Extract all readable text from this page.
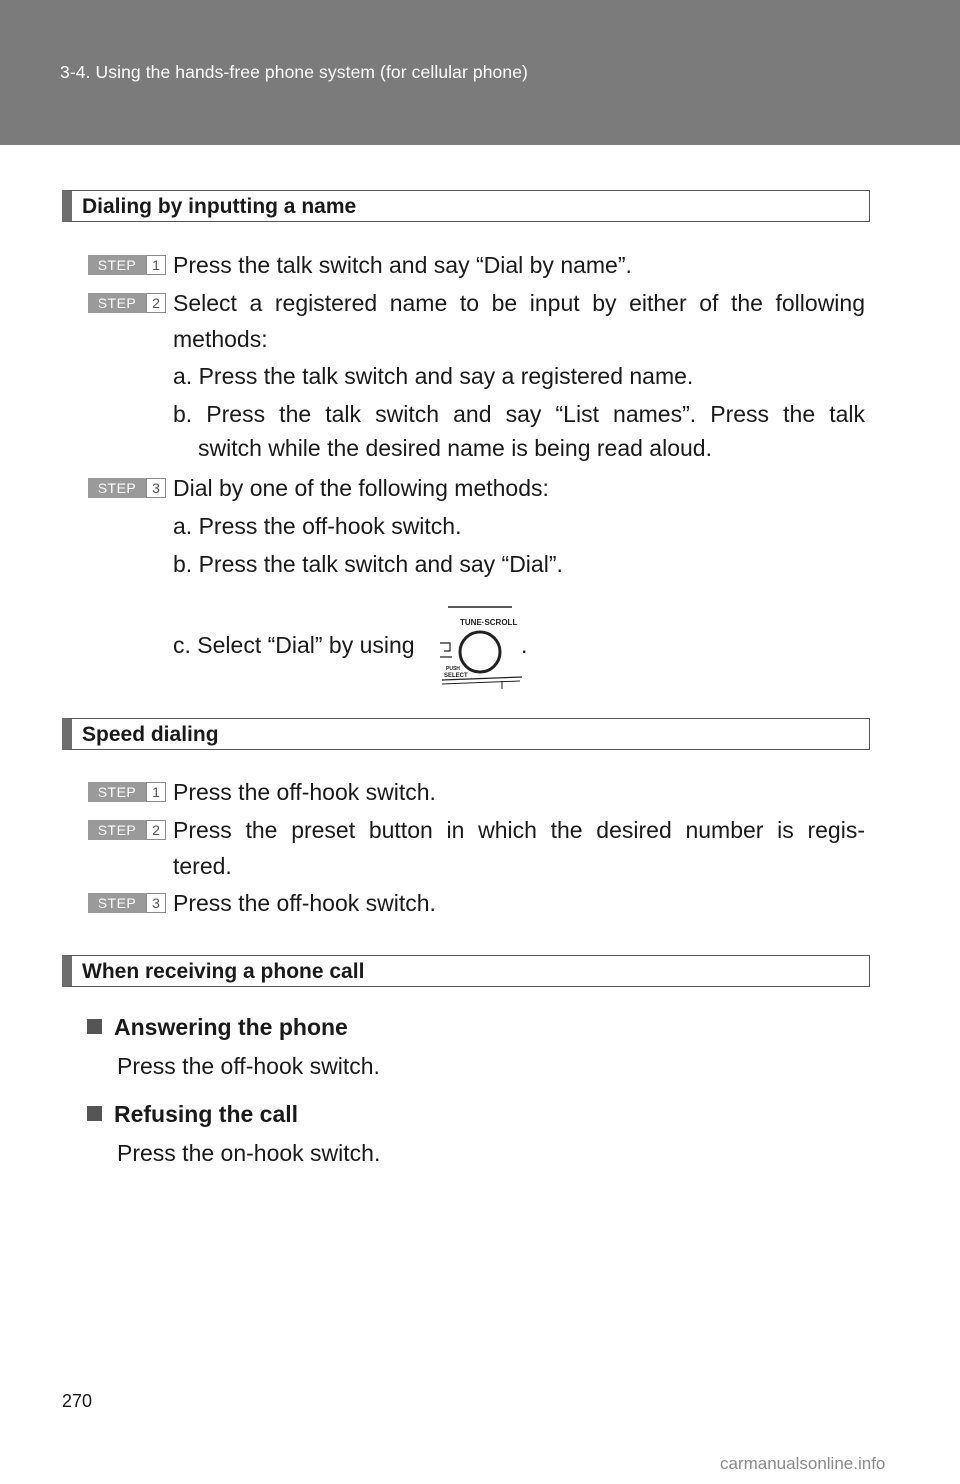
3-4. Using the hands-free phone system (for cellular phone)
Dialing by inputting a name
STEP	1 Press the talk switch and say “Dial by name”.
STEP	2 Select a registered name to be input by either of the following
methods:
a. Press the talk switch and say a registered name.
b. Press the talk switch and say “List names”. Press the talk
switch while the desired name is being read aloud.
STEP	3 Dial by one of the following methods:
a. Press the off-hook switch.
b. Press the talk switch and say “Dial”.
c. Select “Dial” by using	.
TUNE·SCROLL
PUSH
SELECT
Speed dialing
STEP	1 Press the off-hook switch.
STEP	2 Press the preset button in which the desired number is regis-
tered.
STEP	3 Press the off-hook switch.
When receiving a phone call
Answering the phone
Press the off-hook switch.
Refusing the call
Press the on-hook switch.
270
carmanualsonline.info
